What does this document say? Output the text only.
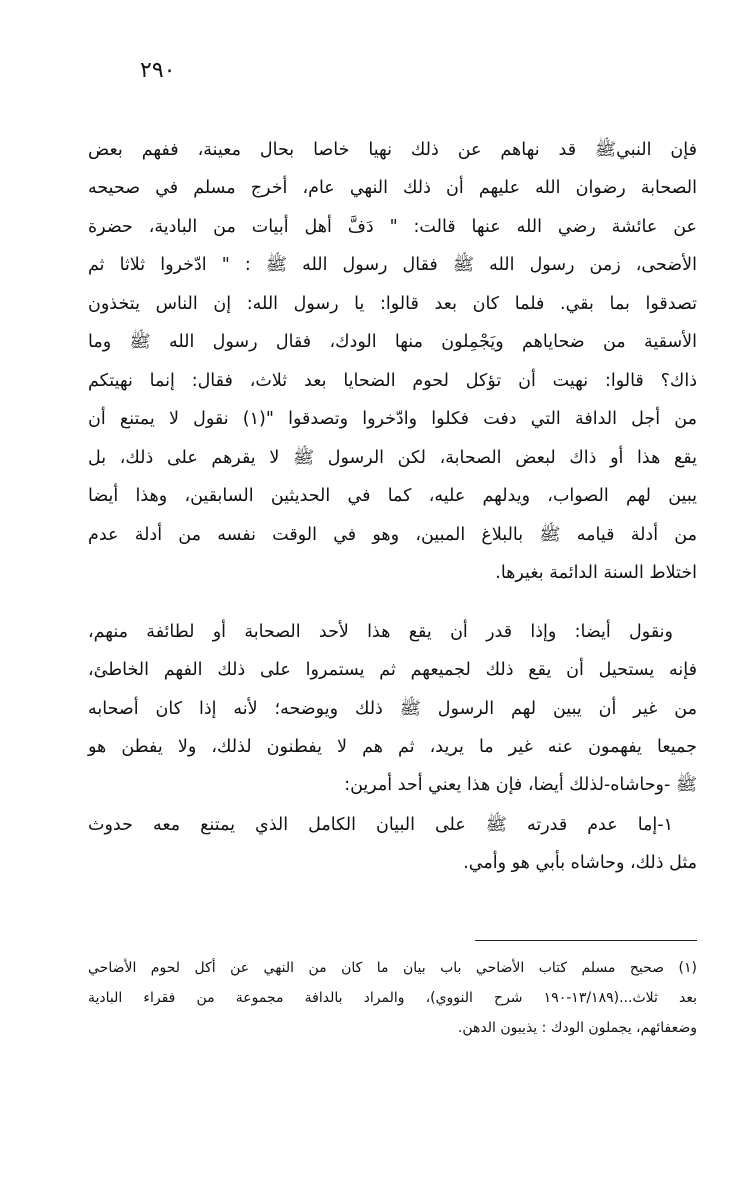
٢٩٠
فإن النبيﷺ قد نهاهم عن ذلك نهيا خاصا بحال معينة، ففهم بعض
الصحابة رضوان الله عليهم أن ذلك النهي عام، أخرج مسلم في صحيحه
عن عائشة رضي الله عنها قالت: " دَفَّ أهل أبيات من البادية، حضرة
الأضحى، زمن رسول الله ﷺ فقال رسول الله ﷺ : " ادّخروا ثلاثا ثم
تصدقوا بما بقي. فلما كان بعد قالوا: يا رسول الله: إن الناس يتخذون
الأسقية من ضحاياهم ويَجْمِلون منها الودك، فقال رسول الله ﷺ وما
ذاك؟ قالوا: نهيت أن تؤكل لحوم الضحايا بعد ثلاث، فقال: إنما نهيتكم
من أجل الدافة التي دفت فكلوا وادّخروا وتصدقوا "(١) نقول لا يمتنع أن
يقع هذا أو ذاك لبعض الصحابة، لكن الرسول ﷺ لا يقرهم على ذلك، بل
يبين لهم الصواب، ويدلهم عليه، كما في الحديثين السابقين، وهذا أيضا
من أدلة قيامه ﷺ بالبلاغ المبين، وهو في الوقت نفسه من أدلة عدم
اختلاط السنة الدائمة بغيرها.
ونقول أيضا: وإذا قدر أن يقع هذا لأحد الصحابة أو لطائفة منهم،
فإنه يستحيل أن يقع ذلك لجميعهم ثم يستمروا على ذلك الفهم الخاطئ،
من غير أن يبين لهم الرسول ﷺ ذلك ويوضحه؛ لأنه إذا كان أصحابه
جميعا يفهمون عنه غير ما يريد، ثم هم لا يفطنون لذلك، ولا يفطن هو
ﷺ -وحاشاه-لذلك أيضا، فإن هذا يعني أحد أمرين:
١-إما عدم قدرته ﷺ على البيان الكامل الذي يمتنع معه حدوث
مثل ذلك، وحاشاه بأبي هو وأمي.
(١) صحيح مسلم كتاب الأضاحي باب بيان ما كان من النهي عن أكل لحوم الأضاحي
بعد ثلاث...(١٣/١٨٩-١٩٠ شرح النووي)، والمراد بالدافة مجموعة من فقراء البادية
وضعفائهم، يجملون الودك : يذيبون الدهن.
